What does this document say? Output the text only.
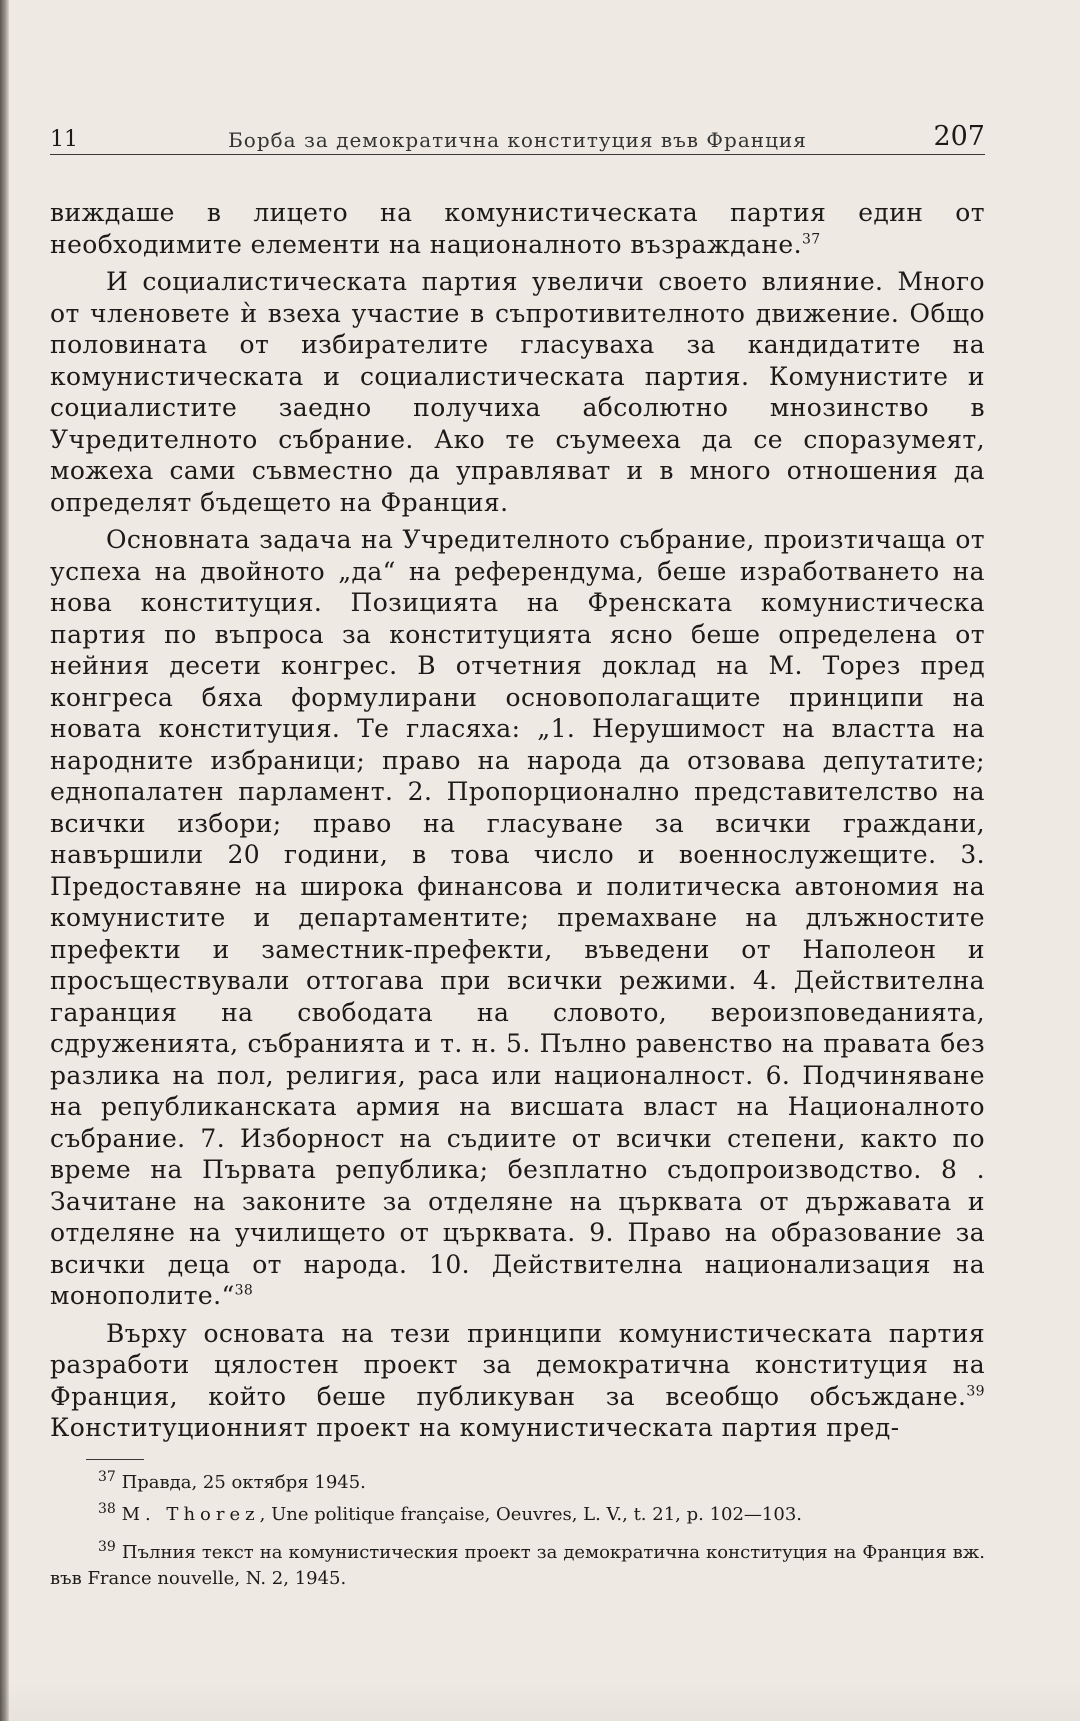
11	Борба за демократична конституция във Франция	207

виждаше в лицето на комунистическата партия един от необходимите елементи на националното възраждане.$^{37}$

И социалистическата партия увеличи своето влияние. Много от членовете ѝ взеха участие в съпротивителното движение. Общо половината от избирателите гласуваха за кандидатите на комунистическата и социалистическата партия. Комунистите и социалистите заедно получиха абсолютно мнозинство в Учредителното събрание. Ако те съумееха да се споразумеят, можеха сами съвместно да управляват и в много отношения да определят бъдещето на Франция.

Основната задача на Учредителното събрание, произтичаща от успеха на двойното „да“ на референдума, беше изработването на нова конституция. Позицията на Френската комунистическа партия по въпроса за конституцията ясно беше определена от нейния десети конгрес. В отчетния доклад на М. Торез пред конгреса бяха формулирани основополагащите принципи на новата конституция. Те гласяха: „1. Нерушимост на властта на народните избраници; право на народа да отзовава депутатите; еднопалатен парламент. 2. Пропорционално представителство на всички избори; право на гласуване за всички граждани, навършили 20 години, в това число и военнослужещите. 3. Предоставяне на широка финансова и политическа автономия на комунистите и департаментите; премахване на длъжностите префекти и заместник-префекти, въведени от Наполеон и просъществували оттогава при всички режими. 4. Действителна гаранция на свободата на словото, вероизповеданията, сдруженията, събранията и т. н. 5. Пълно равенство на правата без разлика на пол, религия, раса или националност. 6. Подчиняване на републиканската армия на висшата власт на Националното събрание. 7. Изборност на съдиите от всички степени, както по време на Първата република; безплатно съдопроизводство. 8 . Зачитане на законите за отделяне на църквата от държавата и отделяне на училището от църквата. 9. Право на образование за всички деца от народа. 10. Действителна национализация на монополите.“$^{38}$

Върху основата на тези принципи комунистическата партия разработи цялостен проект за демократична конституция на Франция, който беше публикуван за всеобщо обсъждане.$^{39}$ Конституционният проект на комунистическата партия пред-

$^{37}$ Правда, 25 октября 1945.

$^{38}$ M. Thorez, Une politique française, Oeuvres, L. V., t. 21, p. 102—103.

$^{39}$ Пълния текст на комунистическия проект за демократична конституция на Франция вж. във France nouvelle, N. 2, 1945.
